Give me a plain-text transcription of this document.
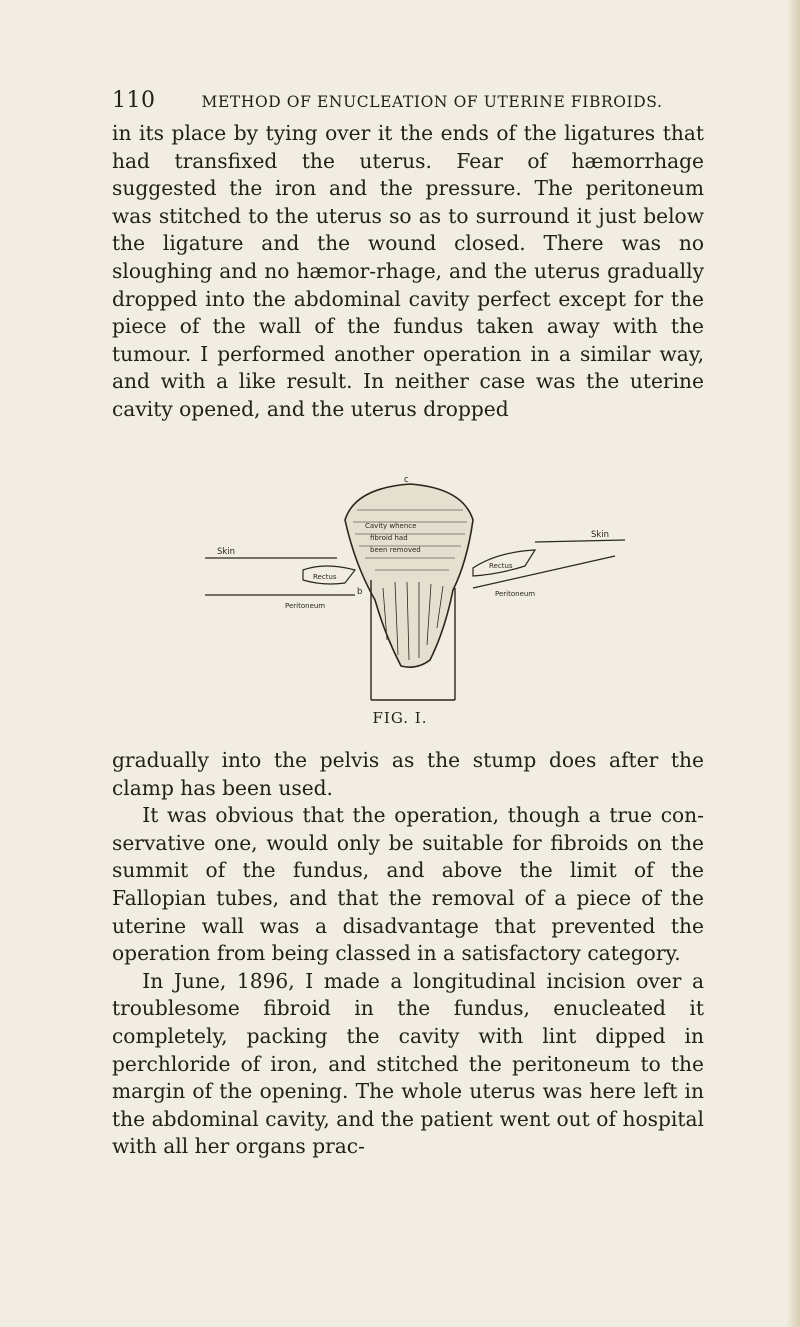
110	METHOD OF ENUCLEATION OF UTERINE FIBROIDS.

in its place by tying over it the ends of the ligatures that had transfixed the uterus. Fear of hæmorrhage suggested the iron and the pressure. The peritoneum was stitched to the uterus so as to surround it just below the ligature and the wound closed. There was no sloughing and no hæmor-rhage, and the uterus gradually dropped into the abdominal cavity perfect except for the piece of the wall of the fundus taken away with the tumour. I performed another operation in a similar way, and with a like result. In neither case was the uterine cavity opened, and the uterus dropped

c
Cavity whence
fibroid had
been removed
Skin
Rectus
Peritoneum
b
Skin
Rectus
Peritoneum
FIG. I.
gradually into the pelvis as the stump does after the clamp has been used.
It was obvious that the operation, though a true con-servative one, would only be suitable for fibroids on the summit of the fundus, and above the limit of the Fallopian tubes, and that the removal of a piece of the uterine wall was a disadvantage that prevented the operation from being classed in a satisfactory category.
In June, 1896, I made a longitudinal incision over a troublesome fibroid in the fundus, enucleated it completely, packing the cavity with lint dipped in perchloride of iron, and stitched the peritoneum to the margin of the opening. The whole uterus was here left in the abdominal cavity, and the patient went out of hospital with all her organs prac-
